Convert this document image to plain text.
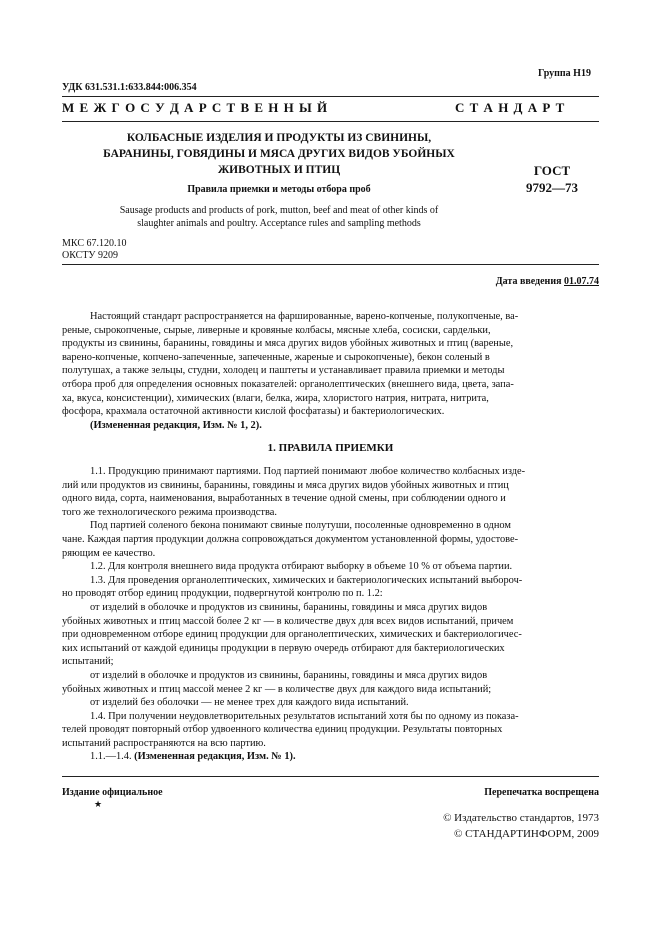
Группа Н19
УДК 631.531.1:633.844:006.354
М Е Ж Г О С У Д А Р С Т В Е Н Н Ы Й	С Т А Н Д А Р Т
КОЛБАСНЫЕ ИЗДЕЛИЯ И ПРОДУКТЫ ИЗ СВИНИНЫ,
БАРАНИНЫ, ГОВЯДИНЫ И МЯСА ДРУГИХ ВИДОВ УБОЙНЫХ
ЖИВОТНЫХ И ПТИЦ
Правила приемки и методы отбора проб
Sausage products and products of pork, mutton, beef and meat of other kinds of
slaughter animals and poultry. Acceptance rules and sampling methods
ГОСТ
9792—73
МКС 67.120.10
ОКСТУ 9209
Дата введения 01.07.74
Настоящий стандарт распространяется на фаршированные, варено-копченые, полукопченые, ва-
реные, сырокопченые, сырые, ливерные и кровяные колбасы, мясные хлеба, сосиски, сардельки,
продукты из свинины, баранины, говядины и мяса других видов убойных животных и птиц (вареные,
варено-копченые, копчено-запеченные, запеченные, жареные и сырокопченые), бекон соленый в
полутушах, а также зельцы, студни, холодец и паштеты и устанавливает правила приемки и методы
отбора проб для определения основных показателей: органолептических (внешнего вида, цвета, запа-
ха, вкуса, консистенции), химических (влаги, белка, жира, хлористого натрия, нитрата, нитрита,
фосфора, крахмала остаточной активности кислой фосфатазы) и бактериологических.
(Измененная редакция, Изм. № 1, 2).
1. ПРАВИЛА ПРИЕМКИ
1.1. Продукцию принимают партиями. Под партией понимают любое количество колбасных изде-
лий или продуктов из свинины, баранины, говядины и мяса других видов убойных животных и птиц
одного вида, сорта, наименования, выработанных в течение одной смены, при соблюдении одного и
того же технологического режима производства.
Под партией соленого бекона понимают свиные полутуши, посоленные одновременно в одном
чане. Каждая партия продукции должна сопровождаться документом установленной формы, удостове-
ряющим ее качество.
1.2. Для контроля внешнего вида продукта отбирают выборку в объеме 10 % от объема партии.
1.3. Для проведения органолептических, химических и бактериологических испытаний выбороч-
но проводят отбор единиц продукции, подвергнутой контролю по п. 1.2:
от изделий в оболочке и продуктов из свинины, баранины, говядины и мяса других видов
убойных животных и птиц массой более 2 кг — в количестве двух для всех видов испытаний, причем
при одновременном отборе единиц продукции для органолептических, химических и бактериологичес-
ких испытаний от каждой единицы продукции в первую очередь отбирают для бактериологических
испытаний;
от изделий в оболочке и продуктов из свинины, баранины, говядины и мяса других видов
убойных животных и птиц массой менее 2 кг — в количестве двух для каждого вида испытаний;
от изделий без оболочки — не менее трех для каждого вида испытаний.
1.4. При получении неудовлетворительных результатов испытаний хотя бы по одному из показа-
телей проводят повторный отбор удвоенного количества единиц продукции. Результаты повторных
испытаний распространяются на всю партию.
1.1.—1.4. (Измененная редакция, Изм. № 1).
Издание официальное
★
Перепечатка воспрещена
© Издательство стандартов, 1973
© СТАНДАРТИНФОРМ, 2009
